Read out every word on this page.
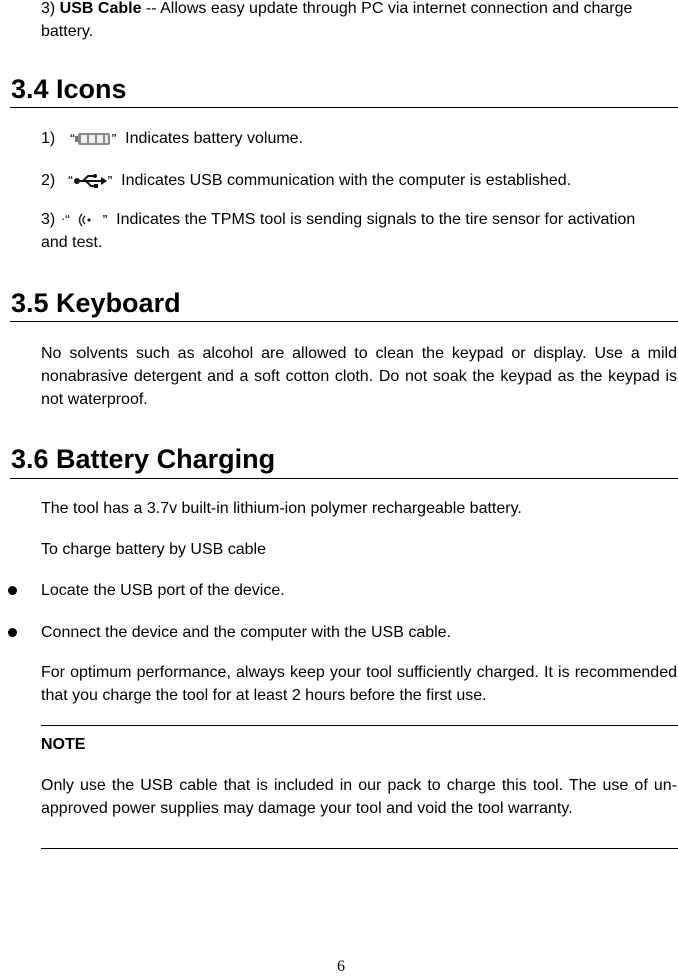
3) USB Cable -- Allows easy update through PC via internet connection and charge battery.
3.4 Icons
1) “	” Indicates battery volume.
2) “	” Indicates USB communication with the computer is established.
3) ·“	” Indicates the TPMS tool is sending signals to the tire sensor for activation and test.
3.5 Keyboard
No solvents such as alcohol are allowed to clean the keypad or display. Use a mild nonabrasive detergent and a soft cotton cloth. Do not soak the keypad as the keypad is not waterproof.
3.6 Battery Charging
The tool has a 3.7v built-in lithium-ion polymer rechargeable battery.
To charge battery by USB cable
Locate the USB port of the device.
Connect the device and the computer with the USB cable.
For optimum performance, always keep your tool sufficiently charged. It is recommended that you charge the tool for at least 2 hours before the first use.
NOTE
Only use the USB cable that is included in our pack to charge this tool. The use of un-approved power supplies may damage your tool and void the tool warranty.
6
